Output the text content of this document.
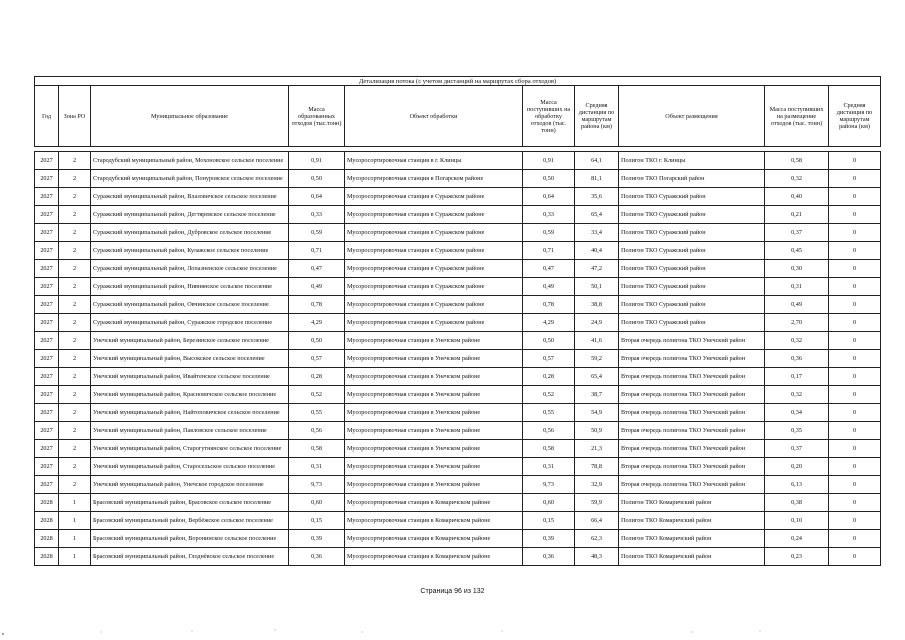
Детализация потока (с учетом дистанций на маршрутах сбора отходов)									
Год	Зона РО	Муниципальное образование	Масса образованных отходов (тыс.тонн)	Объект обработки	Масса поступивших на обработку отходов (тыс. тонн)	Средняя дистанция по маршрутам района (км)	Объект размещения	Масса поступивших на размещение отходов (тыс. тонн)	Средняя дистанция по маршрутам района (км)

2027	2	Стародубский муниципальный район, Мохоновское сельское поселение	0,91	Мусоросортировочная станция в г. Клинцы	0,91	64,1	Полигон ТКО г. Клинцы	0,58	0
2027	2	Стародубский муниципальный район, Понуровское сельское поселение	0,50	Мусоросортировочная станция в Погарском районе	0,50	81,1	Полигон ТКО Погарский район	0,32	0
2027	2	Суражский муниципальный район, Влазовичское сельское поселение	0,64	Мусоросортировочная станция в Суражском районе	0,64	35,6	Полигон ТКО Суражский район	0,40	0
2027	2	Суражский муниципальный район, Дегтяревское сельское поселение	0,33	Мусоросортировочная станция в Суражском районе	0,33	65,4	Полигон ТКО Суражский район	0,21	0
2027	2	Суражский муниципальный район, Дубровское сельское поселение	0,59	Мусоросортировочная станция в Суражском районе	0,59	33,4	Полигон ТКО Суражский район	0,37	0
2027	2	Суражский муниципальный район, Кулажское сельское поселение	0,71	Мусоросортировочная станция в Суражском районе	0,71	40,4	Полигон ТКО Суражский район	0,45	0
2027	2	Суражский муниципальный район, Лопазненское сельское поселение	0,47	Мусоросортировочная станция в Суражском районе	0,47	47,2	Полигон ТКО Суражский район	0,30	0
2027	2	Суражский муниципальный район, Нивнянское сельское поселение	0,49	Мусоросортировочная станция в Суражском районе	0,49	50,1	Полигон ТКО Суражский район	0,31	0
2027	2	Суражский муниципальный район, Овчинское сельское поселение	0,78	Мусоросортировочная станция в Суражском районе	0,78	38,8	Полигон ТКО Суражский район	0,49	0
2027	2	Суражский муниципальный район, Суражское городское поселение	4,29	Мусоросортировочная станция в Суражском районе	4,29	24,9	Полигон ТКО Суражский район	2,70	0
2027	2	Унечский муниципальный район, Березинское сельское поселение	0,50	Мусоросортировочная станция в Унечском районе	0,50	41,6	Вторая очередь полигона ТКО Унечский район	0,32	0
2027	2	Унечский муниципальный район, Высокское сельское поселение	0,57	Мусоросортировочная станция в Унечском районе	0,57	59,2	Вторая очередь полигона ТКО Унечский район	0,36	0
2027	2	Унечский муниципальный район, Ивайтенское сельское поселение	0,28	Мусоросортировочная станция в Унечском районе	0,28	65,4	Вторая очередь полигона ТКО Унечский район	0,17	0
2027	2	Унечский муниципальный район, Красновичское сельское поселение	0,52	Мусоросортировочная станция в Унечском районе	0,52	38,7	Вторая очередь полигона ТКО Унечский район	0,32	0
2027	2	Унечский муниципальный район, Найтоповичское сельское поселение	0,55	Мусоросортировочная станция в Унечском районе	0,55	54,9	Вторая очередь полигона ТКО Унечский район	0,34	0
2027	2	Унечский муниципальный район, Павловское сельское поселение	0,56	Мусоросортировочная станция в Унечском районе	0,56	50,9	Вторая очередь полигона ТКО Унечский район	0,35	0
2027	2	Унечский муниципальный район, Старогутнянское сельское поселение	0,58	Мусоросортировочная станция в Унечском районе	0,58	21,3	Вторая очередь полигона ТКО Унечский район	0,37	0
2027	2	Унечский муниципальный район, Старосельское сельское поселение	0,31	Мусоросортировочная станция в Унечском районе	0,31	78,8	Вторая очередь полигона ТКО Унечский район	0,20	0
2027	2	Унечский муниципальный район, Унечское городское поселение	9,73	Мусоросортировочная станция в Унечском районе	9,73	32,9	Вторая очередь полигона ТКО Унечский район	6,13	0
2028	1	Брасовский муниципальный район, Брасовское сельское поселение	0,60	Мусоросортировочная станция в Комаричском районе	0,60	59,9	Полигон ТКО Комаричский район	0,38	0
2028	1	Брасовский муниципальный район, Вербёжское сельское поселение	0,15	Мусоросортировочная станция в Комаричском районе	0,15	66,4	Полигон ТКО Комаричский район	0,10	0
2028	1	Брасовский муниципальный район, Воронинское сельское поселение	0,39	Мусоросортировочная станция в Комаричском районе	0,39	62,3	Полигон ТКО Комаричский район	0,24	0
2028	1	Брасовский муниципальный район, Глоднёвское сельское поселение	0,36	Мусоросортировочная станция в Комаричском районе	0,36	48,3	Полигон ТКО Комаричский район	0,23	0
Страница 96 из 132
